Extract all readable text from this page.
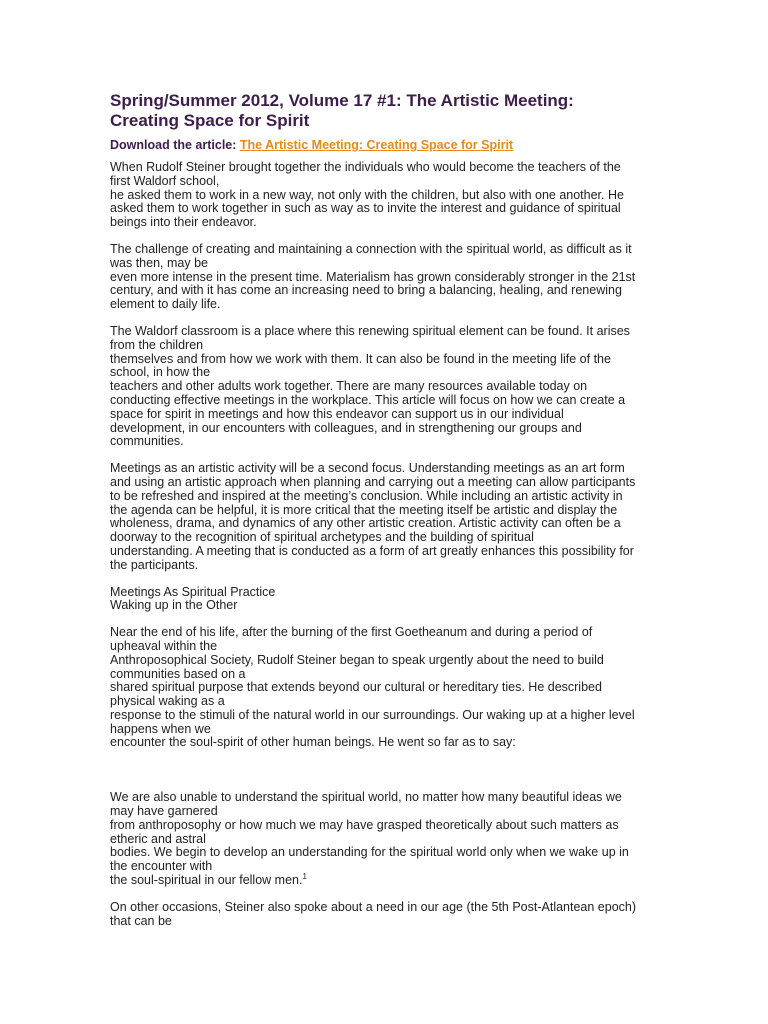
Spring/Summer 2012, Volume 17 #1: The Artistic Meeting:
Creating Space for Spirit
Download the article: The Artistic Meeting: Creating Space for Spirit
When Rudolf Steiner brought together the individuals who would become the teachers of the
first Waldorf school,
he asked them to work in a new way, not only with the children, but also with one another. He
asked them to work together in such as way as to invite the interest and guidance of spiritual
beings into their endeavor.
The challenge of creating and maintaining a connection with the spiritual world, as difficult as it
was then, may be
even more intense in the present time. Materialism has grown considerably stronger in the 21st
century, and with it has come an increasing need to bring a balancing, healing, and renewing
element to daily life.
The Waldorf classroom is a place where this renewing spiritual element can be found. It arises
from the children
themselves and from how we work with them. It can also be found in the meeting life of the
school, in how the
teachers and other adults work together. There are many resources available today on
conducting effective meetings in the workplace. This article will focus on how we can create a
space for spirit in meetings and how this endeavor can support us in our individual
development, in our encounters with colleagues, and in strengthening our groups and
communities.
Meetings as an artistic activity will be a second focus. Understanding meetings as an art form
and using an artistic approach when planning and carrying out a meeting can allow participants
to be refreshed and inspired at the meeting’s conclusion. While including an artistic activity in
the agenda can be helpful, it is more critical that the meeting itself be artistic and display the
wholeness, drama, and dynamics of any other artistic creation. Artistic activity can often be a
doorway to the recognition of spiritual archetypes and the building of spiritual
understanding. A meeting that is conducted as a form of art greatly enhances this possibility for
the participants.
Meetings As Spiritual Practice
Waking up in the Other
Near the end of his life, after the burning of the first Goetheanum and during a period of
upheaval within the
Anthroposophical Society, Rudolf Steiner began to speak urgently about the need to build
communities based on a
shared spiritual purpose that extends beyond our cultural or hereditary ties. He described
physical waking as a
response to the stimuli of the natural world in our surroundings. Our waking up at a higher level
happens when we
encounter the soul-spirit of other human beings. He went so far as to say:
We are also unable to understand the spiritual world, no matter how many beautiful ideas we
may have garnered
from anthroposophy or how much we may have grasped theoretically about such matters as
etheric and astral
bodies. We begin to develop an understanding for the spiritual world only when we wake up in
the encounter with
the soul-spiritual in our fellow men.$^1$
On other occasions, Steiner also spoke about a need in our age (the 5th Post-Atlantean epoch)
that can be
